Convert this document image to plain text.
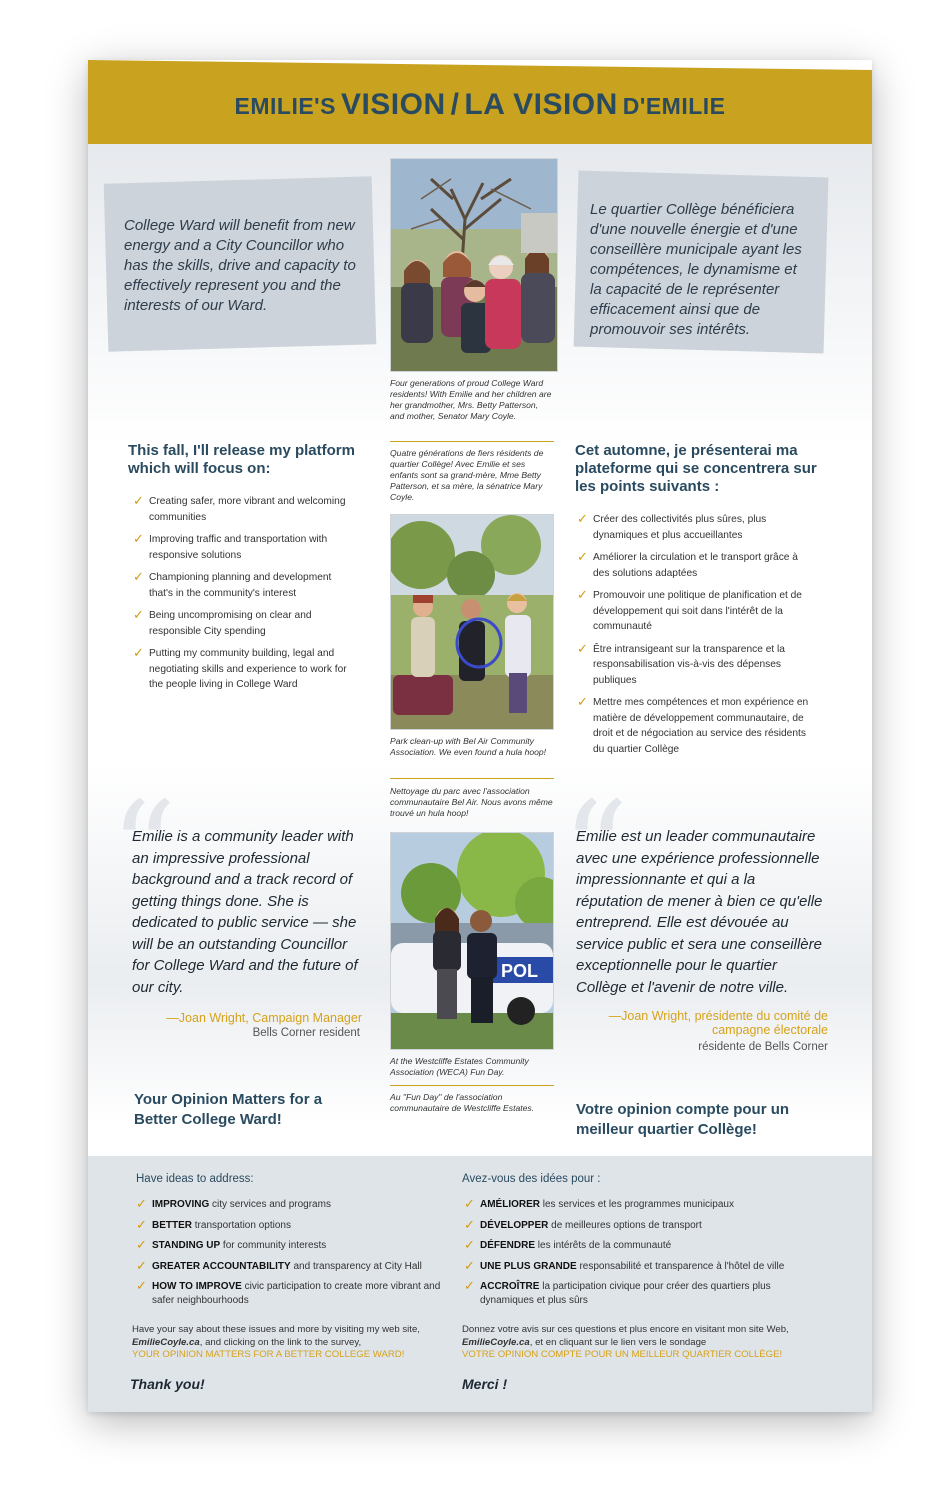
EMILIE'S VISION / LA VISION D'EMILIE
College Ward will benefit from new energy and a City Councillor who has the skills, drive and capacity to effectively represent you and the interests of our Ward.
Le quartier Collège bénéficiera d'une nouvelle énergie et d'une conseillère municipale ayant les compétences, le dynamisme et la capacité de le représenter efficacement ainsi que de promouvoir ses intérêts.
Four generations of proud College Ward residents! With Emilie and her children are her grandmother, Mrs. Betty Patterson, and mother, Senator Mary Coyle.
Quatre générations de fiers résidents de quartier Collège! Avec Emilie et ses enfants sont sa grand-mère, Mme Betty Patterson, et sa mère, la sénatrice Mary Coyle.
This fall, I'll release my platform which will focus on:
✓ Creating safer, more vibrant and welcoming communities
✓ Improving traffic and transportation with responsive solutions
✓ Championing planning and development that's in the community's interest
✓ Being uncompromising on clear and responsible City spending
✓ Putting my community building, legal and negotiating skills and experience to work for the people living in College Ward
Cet automne, je présenterai ma plateforme qui se concentrera sur les points suivants :
✓ Créer des collectivités plus sûres, plus dynamiques et plus accueillantes
✓ Améliorer la circulation et le transport grâce à des solutions adaptées
✓ Promouvoir une politique de planification et de développement qui soit dans l'intérêt de la communauté
✓ Être intransigeant sur la transparence et la responsabilisation vis-à-vis des dépenses publiques
✓ Mettre mes compétences et mon expérience en matière de développement communautaire, de droit et de négociation au service des résidents du quartier Collège
Park clean-up with Bel Air Community Association. We even found a hula hoop!
Nettoyage du parc avec l'association communautaire Bel Air. Nous avons même trouvé un hula hoop!
“
Emilie is a community leader with an impressive professional background and a track record of getting things done. She is dedicated to public service — she will be an outstanding Councillor for College Ward and the future of our city.
—Joan Wright, Campaign Manager
Bells Corner resident
POL
At the Westcliffe Estates Community Association (WECA) Fun Day.
Au "Fun Day" de l'association communautaire de Westcliffe Estates.
“
Emilie est un leader communautaire avec une expérience professionnelle impressionnante et qui a la réputation de mener à bien ce qu'elle entreprend. Elle est dévouée au service public et sera une conseillère exceptionnelle pour le quartier Collège et l'avenir de notre ville.
—Joan Wright, présidente du comité de campagne électorale
résidente de Bells Corner
Your Opinion Matters for a Better College Ward!
Votre opinion compte pour un meilleur quartier Collège!
Have ideas to address:
✓ IMPROVING city services and programs
✓ BETTER transportation options
✓ STANDING UP for community interests
✓ GREATER ACCOUNTABILITY and transparency at City Hall
✓ HOW TO IMPROVE civic participation to create more vibrant and safer neighbourhoods
Have your say about these issues and more by visiting my web site, EmilieCoyle.ca, and clicking on the link to the survey,
YOUR OPINION MATTERS FOR A BETTER COLLEGE WARD!
Thank you!
Avez-vous des idées pour :
✓ AMÉLIORER les services et les programmes municipaux
✓ DÉVELOPPER de meilleures options de transport
✓ DÉFENDRE les intérêts de la communauté
✓ UNE PLUS GRANDE responsabilité et transparence à l'hôtel de ville
✓ ACCROÎTRE la participation civique pour créer des quartiers plus dynamiques et plus sûrs
Donnez votre avis sur ces questions et plus encore en visitant mon site Web, EmilieCoyle.ca, et en cliquant sur le lien vers le sondage
VOTRE OPINION COMPTE POUR UN MEILLEUR QUARTIER COLLÈGE!
Merci !
